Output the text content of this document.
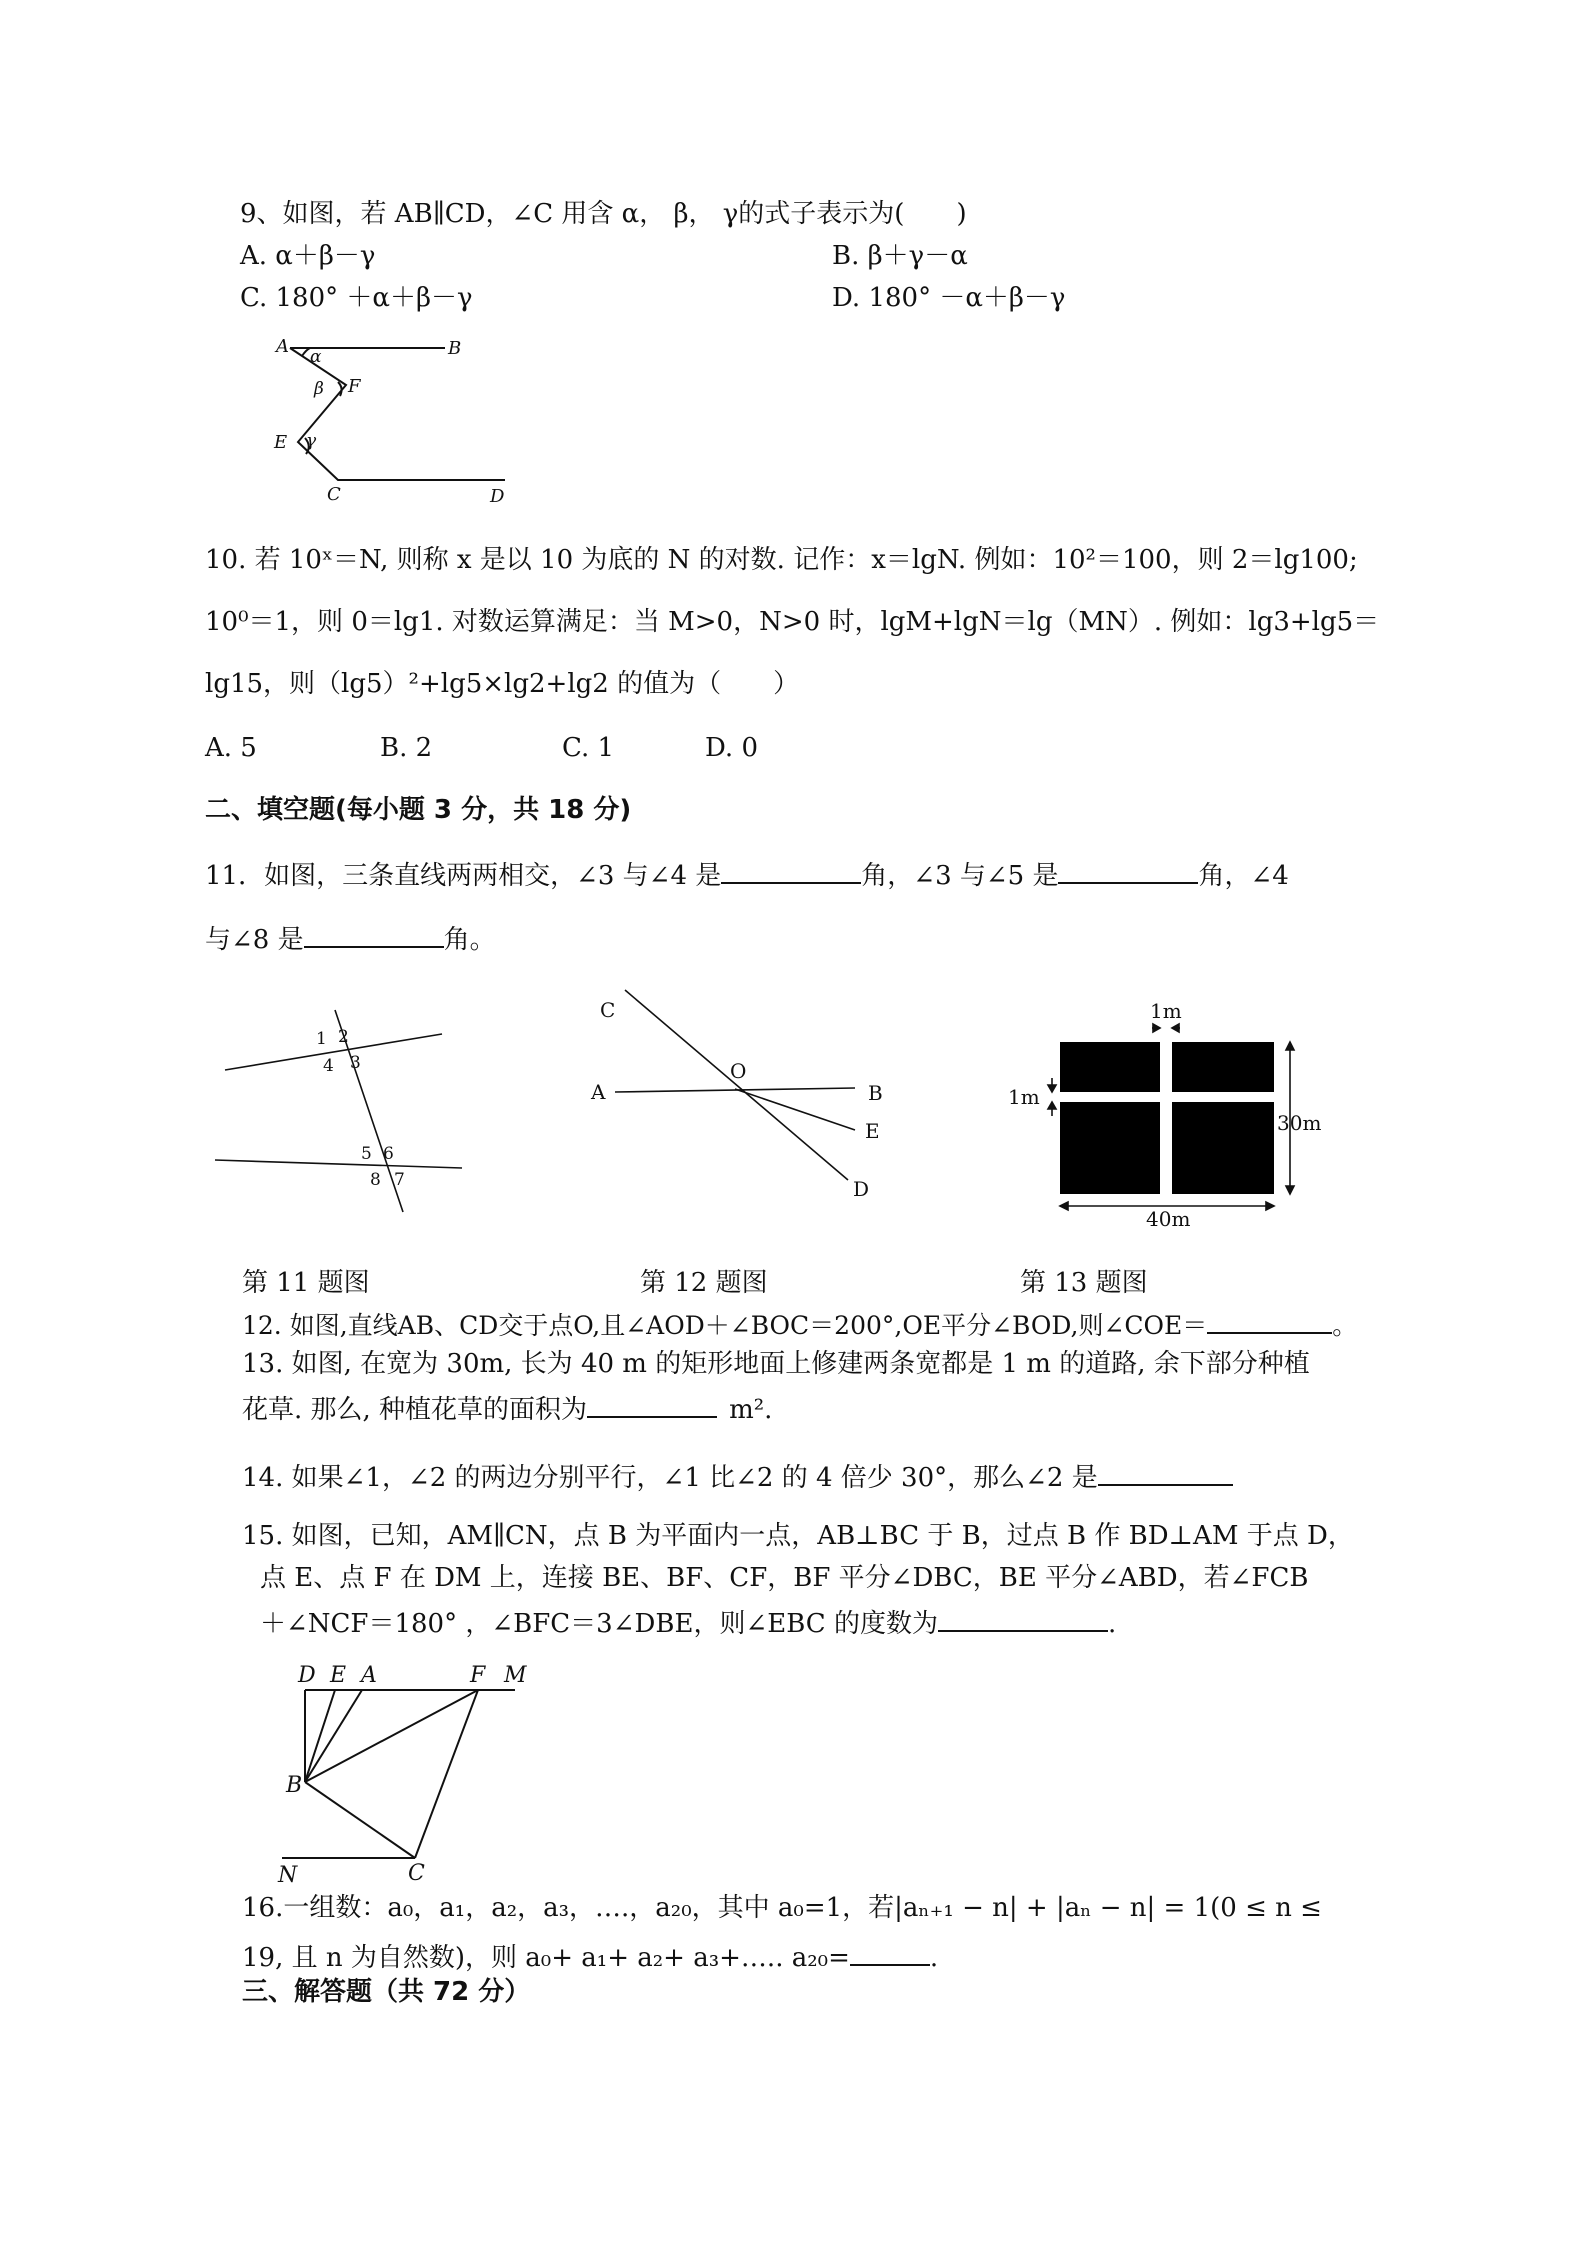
9、如图，若 AB∥CD，∠C 用含 α， β， γ的式子表示为(　　)
A. α＋β－γ	B. β＋γ－α
C. 180° ＋α＋β－γ	D. 180° －α＋β－γ
A	B
α
β F
E γ
C	D
10. 若 10ˣ＝N, 则称 x 是以 10 为底的 N 的对数. 记作：x＝lgN. 例如：10²＝100，则 2＝lg100;
10⁰＝1，则 0＝lg1. 对数运算满足：当 M>0，N>0 时，lgM+lgN＝lg（MN）. 例如：lg3+lg5＝
lg15，则（lg5）²+lg5×lg2+lg2 的值为（　　）
A. 5	B. 2	C. 1	D. 0
二、填空题(每小题 3 分，共 18 分)
11．如图，三条直线两两相交，∠3 与∠4 是	角，∠3 与∠5 是	角，∠4
与∠8 是	角。
1 2
4 3
5 6
8 7
C
A
O
B
E
D
1m
1m
30m
40m
第 11 题图	第 12 题图	第 13 题图
12. 如图,直线AB、CD交于点O,且∠AOD＋∠BOC＝200°,OE平分∠BOD,则∠COE＝	。
13. 如图, 在宽为 30m, 长为 40 m 的矩形地面上修建两条宽都是 1 m 的道路, 余下部分种植
花草. 那么, 种植花草的面积为	m².
14. 如果∠1，∠2 的两边分别平行，∠1 比∠2 的 4 倍少 30°，那么∠2 是
15. 如图，已知，AM∥CN，点 B 为平面内一点，AB⊥BC 于 B，过点 B 作 BD⊥AM 于点 D，
点 E、点 F 在 DM 上，连接 BE、BF、CF，BF 平分∠DBC，BE 平分∠ABD，若∠FCB
＋∠NCF＝180° ，∠BFC＝3∠DBE，则∠EBC 的度数为	.
D E A	F M
B
N	C
16.一组数：a₀，a₁，a₂，a₃，….，a₂₀，其中 a₀=1，若|aₙ₊₁ − n| + |aₙ − n| = 1(0 ≤ n ≤
19, 且 n 为自然数)，则 a₀+ a₁+ a₂+ a₃+….. a₂₀=	.
三、解答题（共 72 分）
